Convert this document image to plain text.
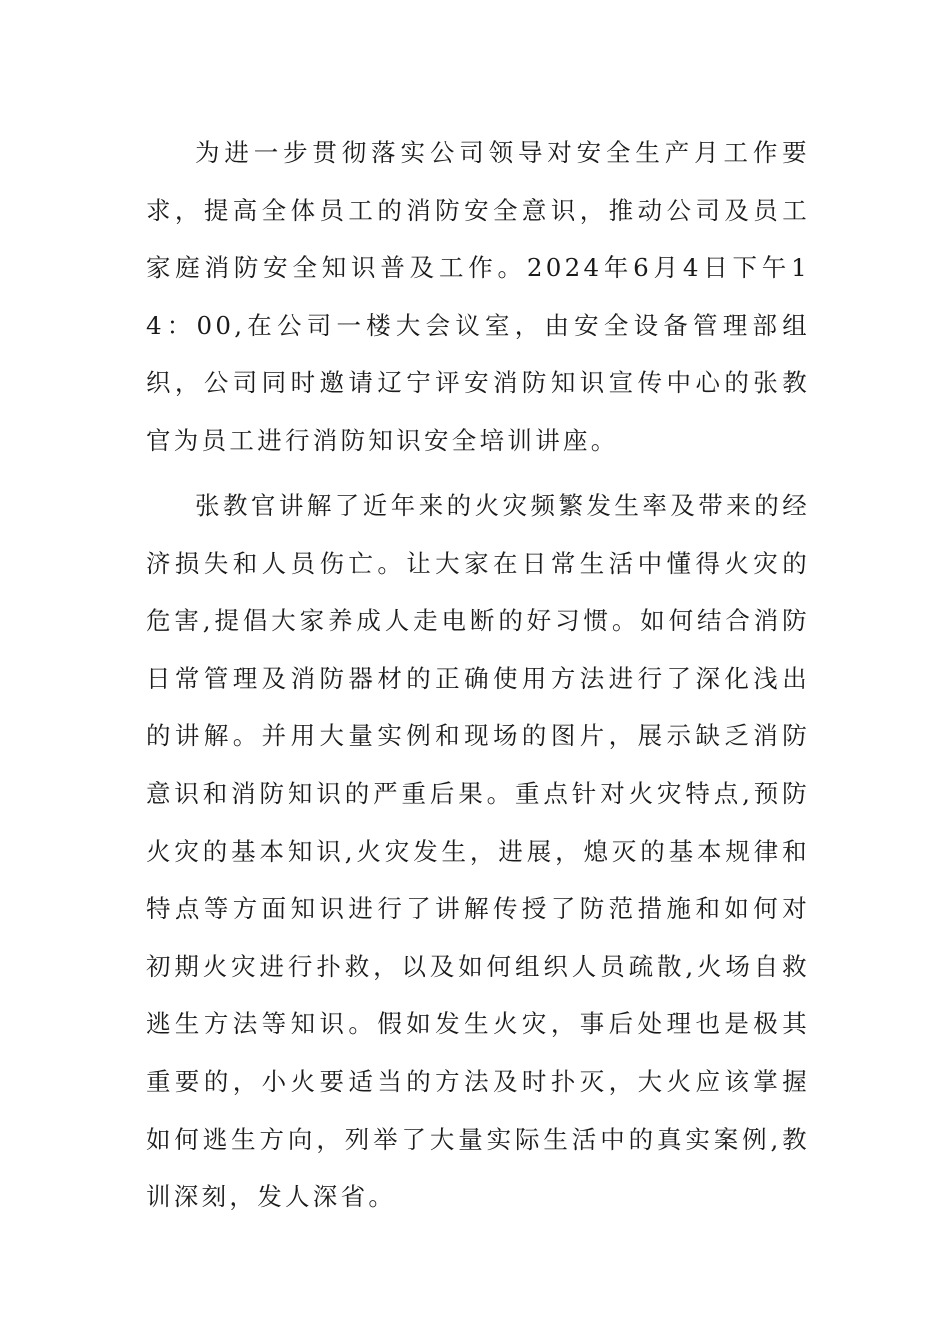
为进一步贯彻落实公司领导对安全生产月工作要求，提高全体员工的消防安全意识，推动公司及员工家庭消防安全知识普及工作。2024年6月4日下午14：00,在公司一楼大会议室，由安全设备管理部组织，公司同时邀请辽宁评安消防知识宣传中心的张教官为员工进行消防知识安全培训讲座。

张教官讲解了近年来的火灾频繁发生率及带来的经济损失和人员伤亡。让大家在日常生活中懂得火灾的危害,提倡大家养成人走电断的好习惯。如何结合消防日常管理及消防器材的正确使用方法进行了深化浅出的讲解。并用大量实例和现场的图片，展示缺乏消防意识和消防知识的严重后果。重点针对火灾特点,预防火灾的基本知识,火灾发生，进展，熄灭的基本规律和特点等方面知识进行了讲解传授了防范措施和如何对初期火灾进行扑救，以及如何组织人员疏散,火场自救逃生方法等知识。假如发生火灾，事后处理也是极其重要的，小火要适当的方法及时扑灭，大火应该掌握如何逃生方向，列举了大量实际生活中的真实案例,教训深刻，发人深省。
